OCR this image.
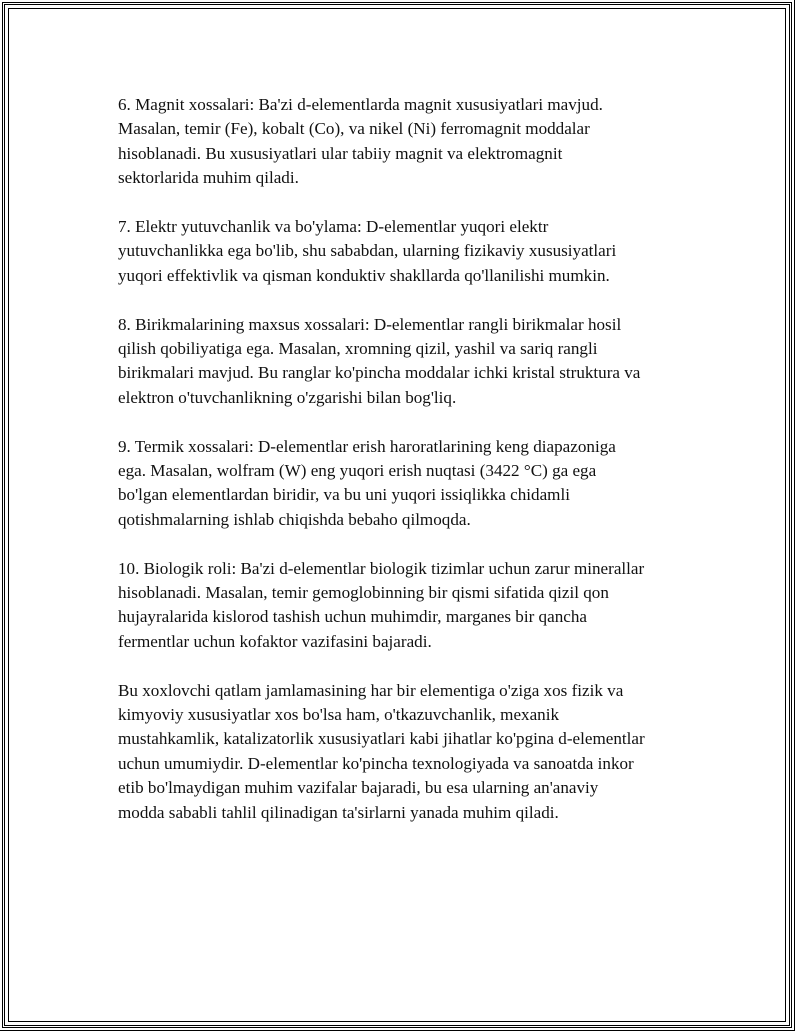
6. Magnit xossalari: Ba'zi d-elementlarda magnit xususiyatlari mavjud.
Masalan, temir (Fe), kobalt (Co), va nikel (Ni) ferromagnit moddalar
hisoblanadi. Bu xususiyatlari ular tabiiy magnit va elektromagnit
sektorlarida muhim qiladi.

7. Elektr yutuvchanlik va bo'ylama: D-elementlar yuqori elektr
yutuvchanlikka ega bo'lib, shu sababdan, ularning fizikaviy xususiyatlari
yuqori effektivlik va qisman konduktiv shakllarda qo'llanilishi mumkin.

8. Birikmalarining maxsus xossalari: D-elementlar rangli birikmalar hosil
qilish qobiliyatiga ega. Masalan, xromning qizil, yashil va sariq rangli
birikmalari mavjud. Bu ranglar ko'pincha moddalar ichki kristal struktura va
elektron o'tuvchanlikning o'zgarishi bilan bog'liq.

9. Termik xossalari: D-elementlar erish haroratlarining keng diapazoniga
ega. Masalan, wolfram (W) eng yuqori erish nuqtasi (3422 °C) ga ega
bo'lgan elementlardan biridir, va bu uni yuqori issiqlikka chidamli
qotishmalarning ishlab chiqishda bebaho qilmoqda.

10. Biologik roli: Ba'zi d-elementlar biologik tizimlar uchun zarur minerallar
hisoblanadi. Masalan, temir gemoglobinning bir qismi sifatida qizil qon
hujayralarida kislorod tashish uchun muhimdir, marganes bir qancha
fermentlar uchun kofaktor vazifasini bajaradi.

Bu xoxlovchi qatlam jamlamasining har bir elementiga o'ziga xos fizik va
kimyoviy xususiyatlar xos bo'lsa ham, o'tkazuvchanlik, mexanik
mustahkamlik, katalizatorlik xususiyatlari kabi jihatlar ko'pgina d-elementlar
uchun umumiydir. D-elementlar ko'pincha texnologiyada va sanoatda inkor
etib bo'lmaydigan muhim vazifalar bajaradi, bu esa ularning an'anaviy
modda sababli tahlil qilinadigan ta'sirlarni yanada muhim qiladi.
